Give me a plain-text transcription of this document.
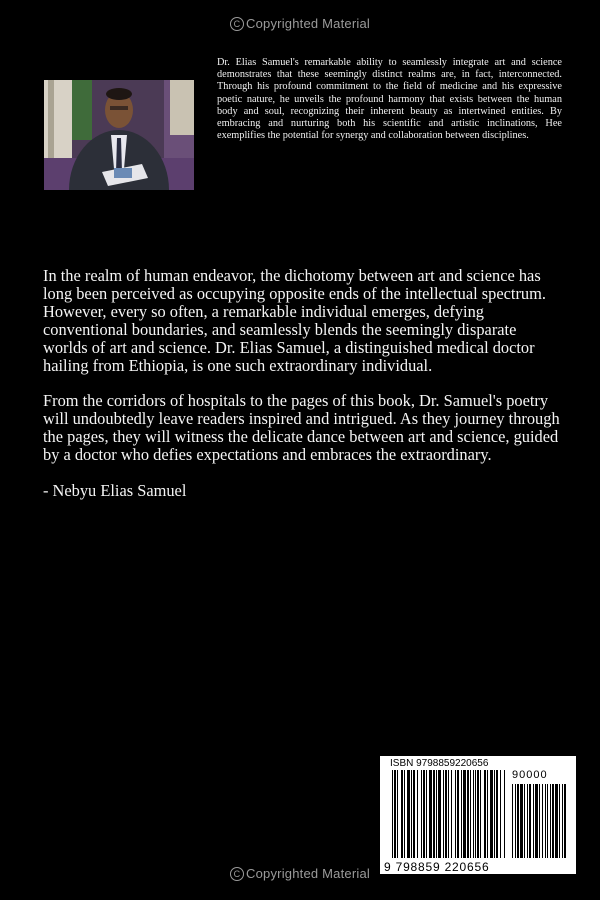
C Copyrighted Material
Dr. Elias Samuel's remarkable ability to seamlessly integrate art and science demonstrates that these seemingly distinct realms are, in fact, interconnected. Through his profound commitment to the field of medicine and his expressive poetic nature, he unveils the profound harmony that exists between the human body and soul, recognizing their inherent beauty as intertwined entities. By embracing and nurturing both his scientific and artistic inclinations, Hee exemplifies the potential for synergy and collaboration between disciplines.

In the realm of human endeavor, the dichotomy between art and science has long been perceived as occupying opposite ends of the intellectual spectrum. However, every so often, a remarkable individual emerges, defying conventional boundaries, and seamlessly blends the seemingly disparate worlds of art and science. Dr. Elias Samuel, a distinguished medical doctor hailing from Ethiopia, is one such extraordinary individual.

From the corridors of hospitals to the pages of this book, Dr. Samuel's poetry will undoubtedly leave readers inspired and intrigued. As they journey through the pages, they will witness the delicate dance between art and science, guided by a doctor who defies expectations and embraces the extraordinary.

- Nebyu Elias Samuel

ISBN 9798859220656
90000
9 798859 220656
C Copyrighted Material
